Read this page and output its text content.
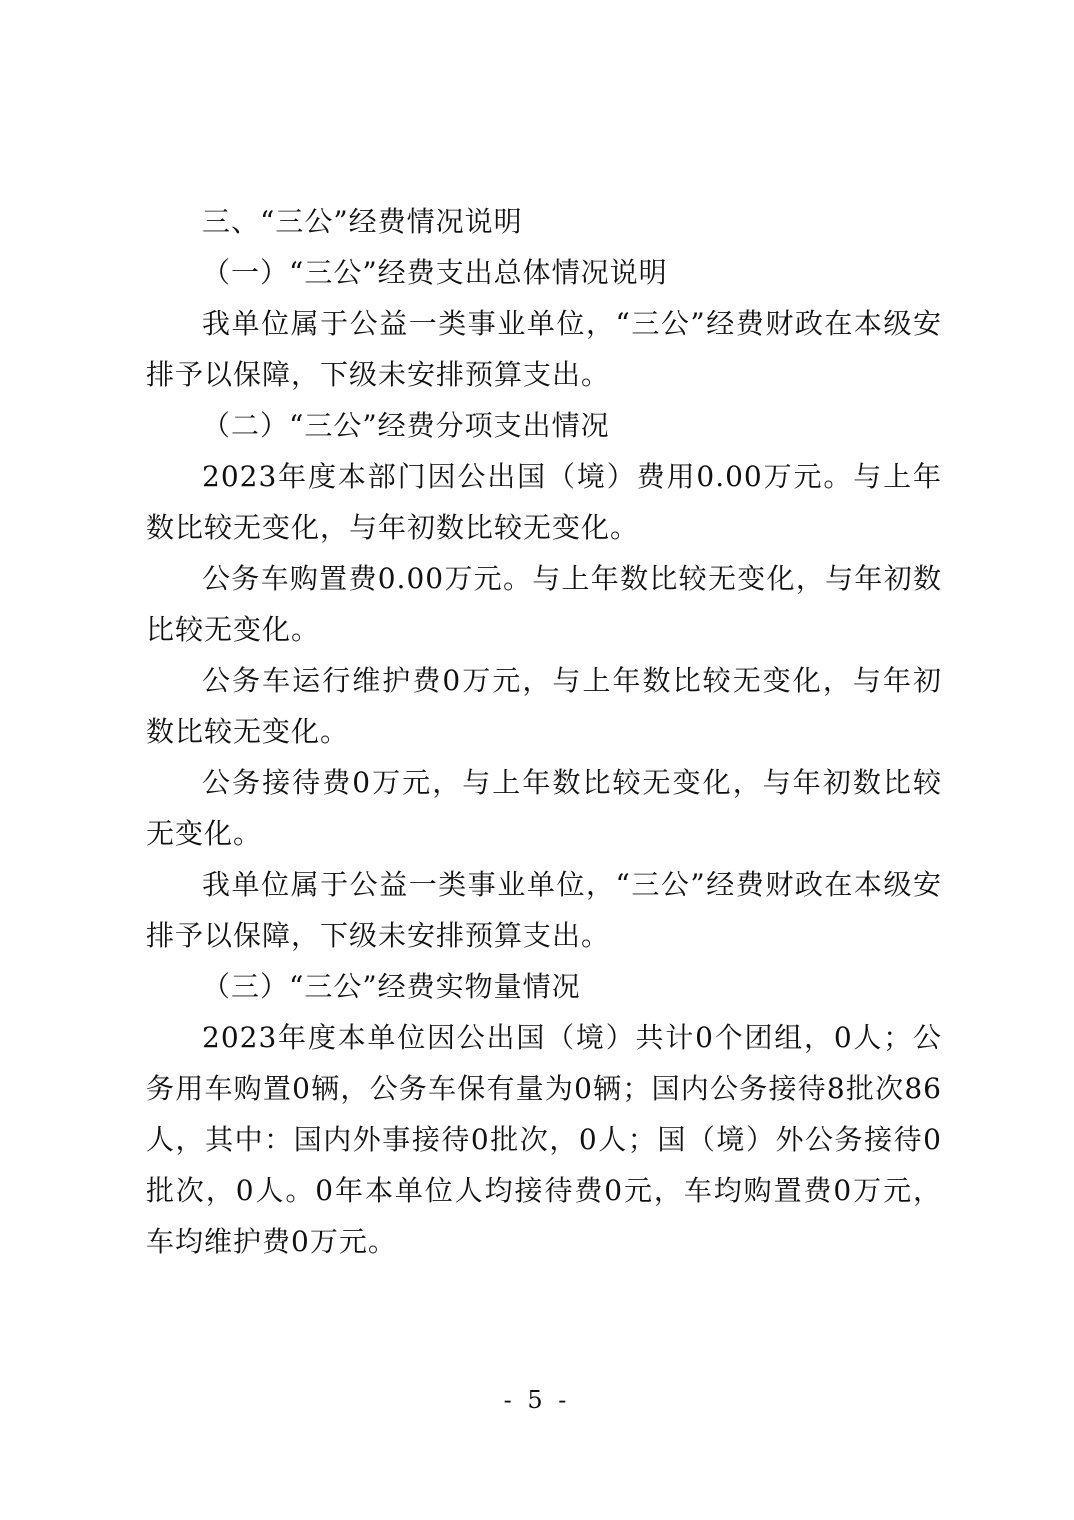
三、“三公”经费情况说明

（一）“三公”经费支出总体情况说明

我单位属于公益一类事业单位，“三公”经费财政在本级安排予以保障，下级未安排预算支出。

（二）“三公”经费分项支出情况

2023年度本部门因公出国（境）费用0.00万元。与上年数比较无变化，与年初数比较无变化。

公务车购置费0.00万元。与上年数比较无变化，与年初数比较无变化。

公务车运行维护费0万元，与上年数比较无变化，与年初数比较无变化。

公务接待费0万元，与上年数比较无变化，与年初数比较无变化。

我单位属于公益一类事业单位，“三公”经费财政在本级安排予以保障，下级未安排预算支出。

（三）“三公”经费实物量情况

2023年度本单位因公出国（境）共计0个团组，0人；公务用车购置0辆，公务车保有量为0辆；国内公务接待8批次86人，其中：国内外事接待0批次，0人；国（境）外公务接待0批次，0人。0年本单位人均接待费0元，车均购置费0万元，车均维护费0万元。

- 5 -
